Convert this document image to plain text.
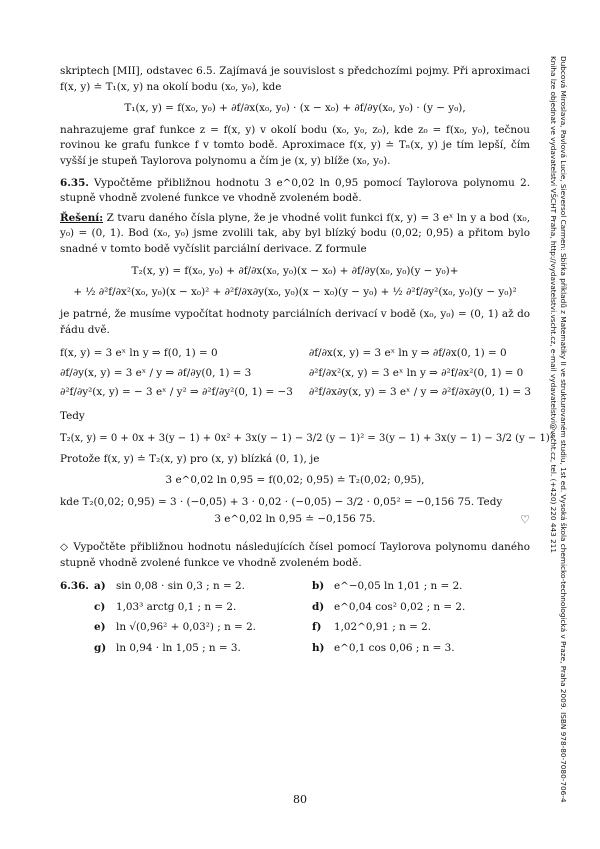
skriptech [MII], odstavec 6.5. Zajímavá je souvislost s předchozími pojmy. Při aproximaci f(x, y) ≐ T₁(x, y) na okolí bodu (x₀, y₀), kde

T₁(x, y) = f(x₀, y₀) + ∂f/∂x(x₀, y₀) · (x − x₀) + ∂f/∂y(x₀, y₀) · (y − y₀),

nahrazujeme graf funkce z = f(x, y) v okolí bodu (x₀, y₀, z₀), kde z₀ = f(x₀, y₀), tečnou rovinou ke grafu funkce f v tomto bodě. Aproximace f(x, y) ≐ Tₙ(x, y) je tím lepší, čím vyšší je stupeň Taylorova polynomu a čím je (x, y) blíže (x₀, y₀).

6.35. Vypočtěme přibližnou hodnotu 3 e^0,02 ln 0,95 pomocí Taylorova polynomu 2. stupně vhodně zvolené funkce ve vhodně zvoleném bodě.

Řešení: Z tvaru daného čísla plyne, že je vhodné volit funkci f(x, y) = 3 eˣ ln y a bod (x₀, y₀) = (0, 1). Bod (x₀, y₀) jsme zvolili tak, aby byl blízký bodu (0,02; 0,95) a přitom bylo snadné v tomto bodě vyčíslit parciální derivace. Z formule

T₂(x, y) = f(x₀, y₀) + ∂f/∂x(x₀, y₀)(x − x₀) + ∂f/∂y(x₀, y₀)(y − y₀)+
+ ½ ∂²f/∂x²(x₀, y₀)(x − x₀)² + ∂²f/∂x∂y(x₀, y₀)(x − x₀)(y − y₀) + ½ ∂²f/∂y²(x₀, y₀)(y − y₀)²

je patrné, že musíme vypočítat hodnoty parciálních derivací v bodě (x₀, y₀) = (0, 1) až do řádu dvě.

f(x, y) = 3 eˣ ln y ⇒ f(0, 1) = 0	∂f/∂x(x, y) = 3 eˣ ln y ⇒ ∂f/∂x(0, 1) = 0
∂f/∂y(x, y) = 3 eˣ / y ⇒ ∂f/∂y(0, 1) = 3	∂²f/∂x²(x, y) = 3 eˣ ln y ⇒ ∂²f/∂x²(0, 1) = 0
∂²f/∂y²(x, y) = − 3 eˣ / y² ⇒ ∂²f/∂y²(0, 1) = −3 ∂²f/∂x∂y(x, y) = 3 eˣ / y ⇒ ∂²f/∂x∂y(0, 1) = 3

Tedy

T₂(x, y) = 0 + 0x + 3(y − 1) + 0x² + 3x(y − 1) − 3/2 (y − 1)² = 3(y − 1) + 3x(y − 1) − 3/2 (y − 1)².

Protože f(x, y) ≐ T₂(x, y) pro (x, y) blízká (0, 1), je

3 e^0,02 ln 0,95 = f(0,02; 0,95) ≐ T₂(0,02; 0,95),

kde T₂(0,02; 0,95) = 3 · (−0,05) + 3 · 0,02 · (−0,05) − 3/2 · 0,05² = −0,156 75. Tedy

3 e^0,02 ln 0,95 ≐ −0,156 75.	♡

◇ Vypočtěte přibližnou hodnotu následujících čísel pomocí Taylorova polynomu daného stupně vhodně zvolené funkce ve vhodně zvoleném bodě.

6.36. a) sin 0,08 · sin 0,3 ; n = 2.	b) e^−0,05 ln 1,01 ; n = 2.
c) 1,03³ arctg 0,1 ; n = 2.	d) e^0,04 cos² 0,02 ; n = 2.
e) ln √(0,96² + 0,03²) ; n = 2.	f) 1,02^0,91 ; n = 2.
g) ln 0,94 · ln 1,05 ; n = 3.	h) e^0,1 cos 0,06 ; n = 3.
80	Dubcová Miroslava, Pavlová Lucie, Sieversol Carmen: Sbírka příkladů z Matematiky II ve strukturovaném studiu, 1st ed. Vysoká škola chemicko-technologická v Praze, Praha 2009. ISBN 978-80-7080-706-4
Kniha lze objednat ve vydavatelství VŠCHT Praha, http://vydavatelstvi.vscht.cz, e-mail vydavatelstvi@vscht.cz, tel. (+420) 220 443 211
